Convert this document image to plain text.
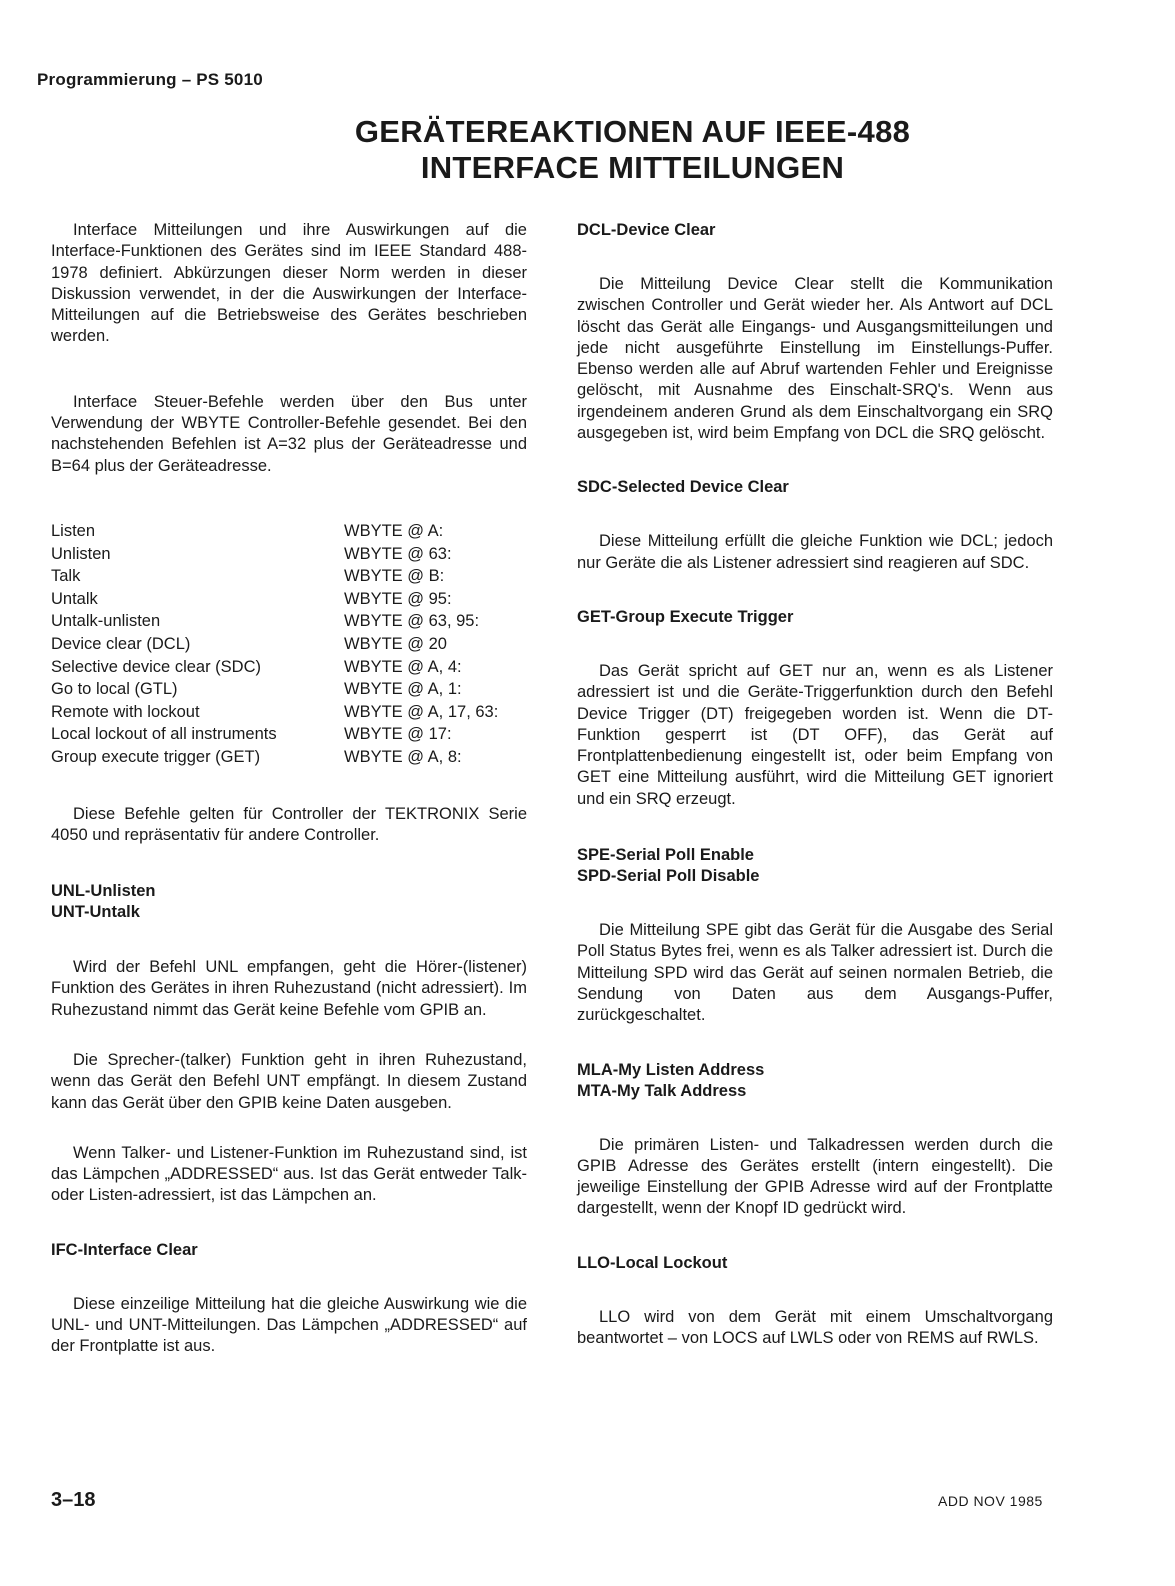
Programmierung – PS 5010
GERÄTEREAKTIONEN AUF IEEE-488
INTERFACE MITTEILUNGEN

Interface Mitteilungen und ihre Auswirkungen auf die Interface-Funktionen des Gerätes sind im IEEE Standard 488-1978 definiert. Abkürzungen dieser Norm werden in dieser Diskussion verwendet, in der die Auswirkungen der Interface-Mitteilungen auf die Betriebsweise des Gerätes beschrieben werden.

Interface Steuer-Befehle werden über den Bus unter Verwendung der WBYTE Controller-Befehle gesendet. Bei den nachstehenden Befehlen ist A=32 plus der Geräteadresse und B=64 plus der Geräteadresse.

Listen	WBYTE @ A:
Unlisten	WBYTE @ 63:
Talk	WBYTE @ B:
Untalk	WBYTE @ 95:
Untalk-unlisten	WBYTE @ 63, 95:
Device clear (DCL)	WBYTE @ 20
Selective device clear (SDC)	WBYTE @ A, 4:
Go to local (GTL)	WBYTE @ A, 1:
Remote with lockout	WBYTE @ A, 17, 63:
Local lockout of all instruments	WBYTE @ 17:
Group execute trigger (GET)	WBYTE @ A, 8:

Diese Befehle gelten für Controller der TEKTRONIX Serie 4050 und repräsentativ für andere Controller.

UNL-Unlisten
UNT-Untalk

Wird der Befehl UNL empfangen, geht die Hörer-(listener) Funktion des Gerätes in ihren Ruhezustand (nicht adressiert). Im Ruhezustand nimmt das Gerät keine Befehle vom GPIB an.

Die Sprecher-(talker) Funktion geht in ihren Ruhezustand, wenn das Gerät den Befehl UNT empfängt. In diesem Zustand kann das Gerät über den GPIB keine Daten ausgeben.

Wenn Talker- und Listener-Funktion im Ruhezustand sind, ist das Lämpchen „ADDRESSED“ aus. Ist das Gerät entweder Talk- oder Listen-adressiert, ist das Lämpchen an.

IFC-Interface Clear

Diese einzeilige Mitteilung hat die gleiche Auswirkung wie die UNL- und UNT-Mitteilungen. Das Lämpchen „ADDRESSED“ auf der Frontplatte ist aus.

DCL-Device Clear

Die Mitteilung Device Clear stellt die Kommunikation zwischen Controller und Gerät wieder her. Als Antwort auf DCL löscht das Gerät alle Eingangs- und Ausgangsmitteilungen und jede nicht ausgeführte Einstellung im Einstellungs-Puffer. Ebenso werden alle auf Abruf wartenden Fehler und Ereignisse gelöscht, mit Ausnahme des Einschalt-SRQ's. Wenn aus irgendeinem anderen Grund als dem Einschaltvorgang ein SRQ ausgegeben ist, wird beim Empfang von DCL die SRQ gelöscht.

SDC-Selected Device Clear

Diese Mitteilung erfüllt die gleiche Funktion wie DCL; jedoch nur Geräte die als Listener adressiert sind reagieren auf SDC.

GET-Group Execute Trigger

Das Gerät spricht auf GET nur an, wenn es als Listener adressiert ist und die Geräte-Triggerfunktion durch den Befehl Device Trigger (DT) freigegeben worden ist. Wenn die DT-Funktion gesperrt ist (DT OFF), das Gerät auf Frontplattenbedienung eingestellt ist, oder beim Empfang von GET eine Mitteilung ausführt, wird die Mitteilung GET ignoriert und ein SRQ erzeugt.

SPE-Serial Poll Enable
SPD-Serial Poll Disable

Die Mitteilung SPE gibt das Gerät für die Ausgabe des Serial Poll Status Bytes frei, wenn es als Talker adressiert ist. Durch die Mitteilung SPD wird das Gerät auf seinen normalen Betrieb, die Sendung von Daten aus dem Ausgangs-Puffer, zurückgeschaltet.

MLA-My Listen Address
MTA-My Talk Address

Die primären Listen- und Talkadressen werden durch die GPIB Adresse des Gerätes erstellt (intern eingestellt). Die jeweilige Einstellung der GPIB Adresse wird auf der Frontplatte dargestellt, wenn der Knopf ID gedrückt wird.

LLO-Local Lockout

LLO wird von dem Gerät mit einem Umschaltvorgang beantwortet – von LOCS auf LWLS oder von REMS auf RWLS.

3–18	ADD NOV 1985
